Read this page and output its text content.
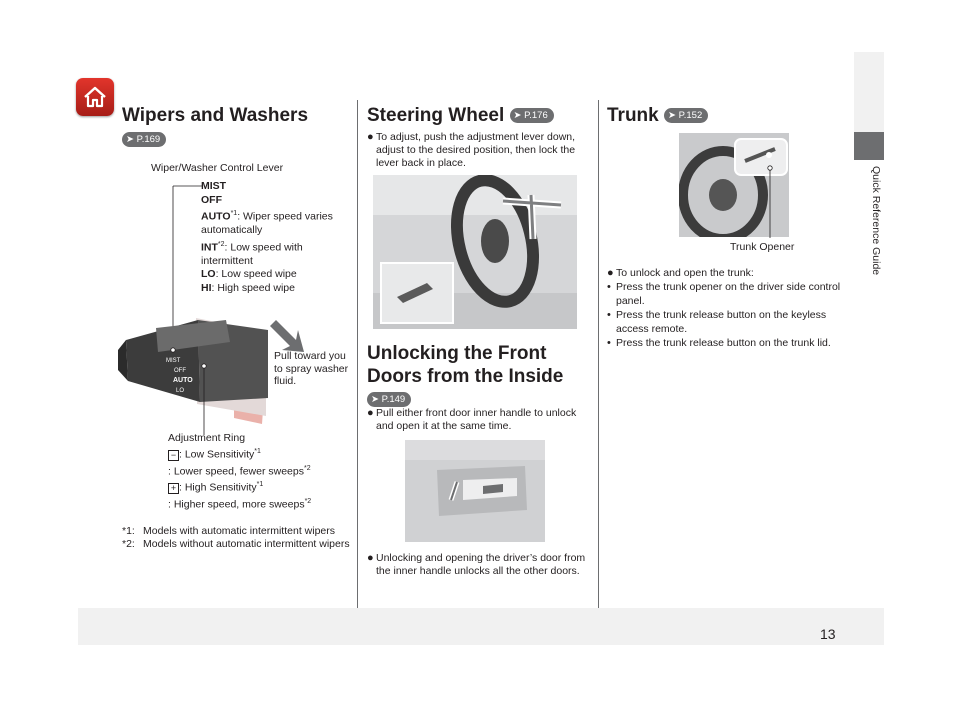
Quick Reference Guide
Wipers and Washers
➤ P.169
Wiper/Washer Control Lever
MIST
OFF
AUTO$^{*1}$: Wiper speed varies automatically
INT$^{*2}$: Low speed with intermittent
LO: Low speed wipe
HI: High speed wipe
MIST
OFF
AUTO
LO
HI
Pull toward you to spray washer fluid.
Adjustment Ring
− : Low Sensitivity$^{*1}$
: Lower speed, fewer sweeps$^{*2}$
+ : High Sensitivity$^{*1}$
: Higher speed, more sweeps$^{*2}$
*1: Models with automatic intermittent wipers
*2: Models without automatic intermittent wipers
Steering Wheel ➤ P.176
● To adjust, push the adjustment lever down, adjust to the desired position, then lock the lever back in place.
Unlocking the Front
Doors from the Inside
➤ P.149
● Pull either front door inner handle to unlock and open it at the same time.
● Unlocking and opening the driver’s door from the inner handle unlocks all the other doors.
Trunk ➤ P.152
Trunk Opener
● To unlock and open the trunk:
• Press the trunk opener on the driver side control panel.
• Press the trunk release button on the keyless access remote.
• Press the trunk release button on the trunk lid.
13
